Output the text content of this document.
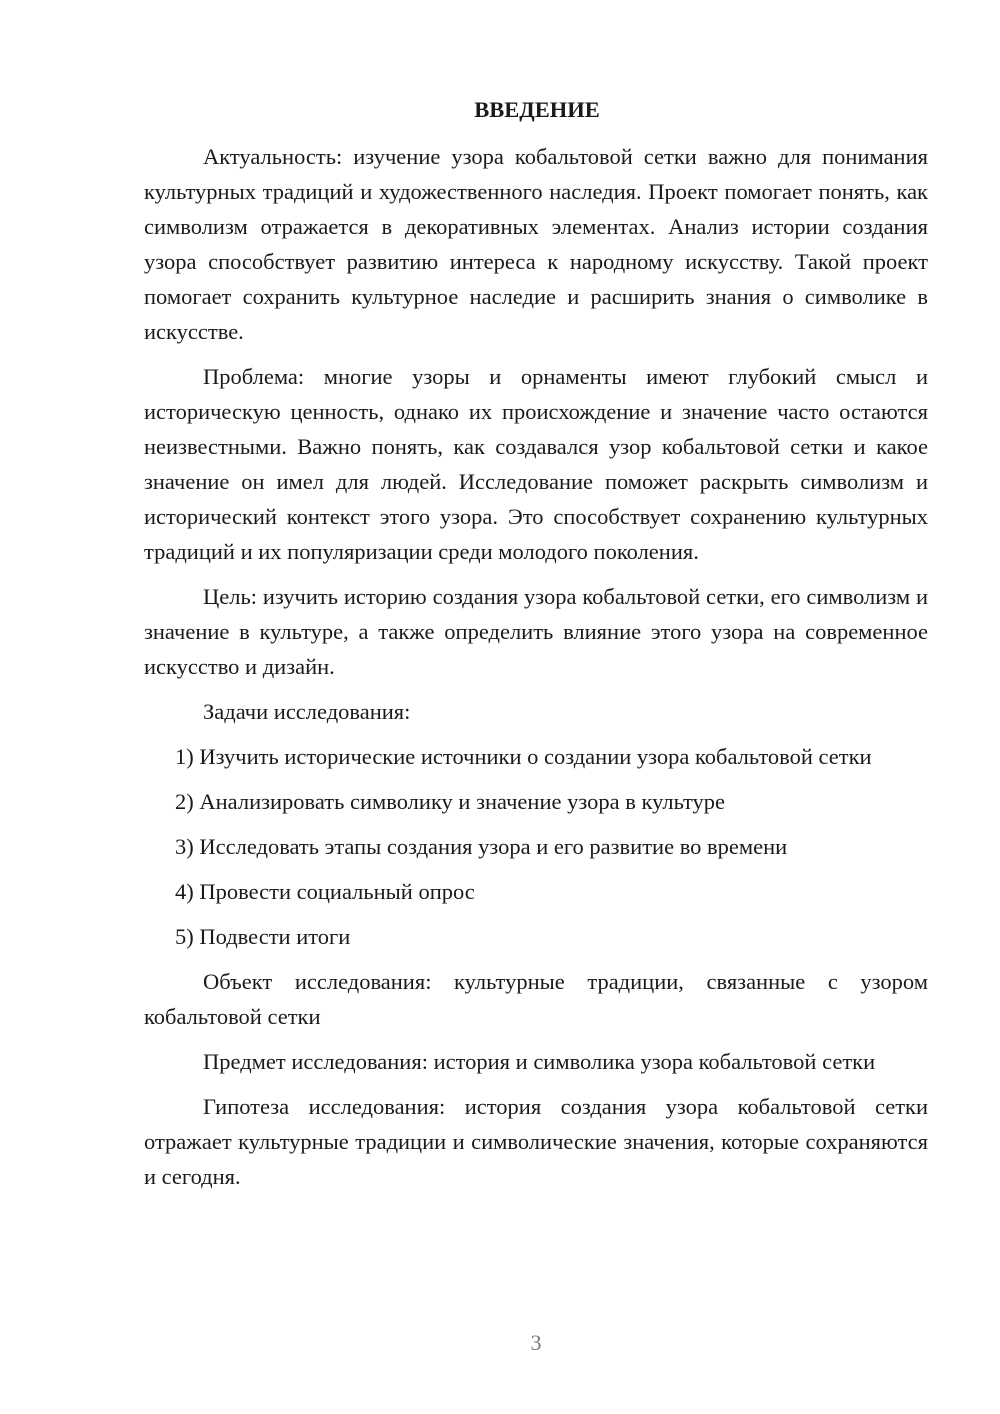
ВВЕДЕНИЕ

Актуальность: изучение узора кобальтовой сетки важно для понимания культурных традиций и художественного наследия. Проект помогает понять, как символизм отражается в декоративных элементах. Анализ истории создания узора способствует развитию интереса к народному искусству. Такой проект помогает сохранить культурное наследие и расширить знания о символике в искусстве.

Проблема: многие узоры и орнаменты имеют глубокий смысл и историческую ценность, однако их происхождение и значение часто остаются неизвестными. Важно понять, как создавался узор кобальтовой сетки и какое значение он имел для людей. Исследование поможет раскрыть символизм и исторический контекст этого узора. Это способствует сохранению культурных традиций и их популяризации среди молодого поколения.

Цель: изучить историю создания узора кобальтовой сетки, его символизм и значение в культуре, а также определить влияние этого узора на современное искусство и дизайн.

Задачи исследования:

1) Изучить исторические источники о создании узора кобальтовой сетки

2) Анализировать символику и значение узора в культуре

3) Исследовать этапы создания узора и его развитие во времени

4) Провести социальный опрос

5) Подвести итоги

Объект исследования: культурные традиции, связанные с узором кобальтовой сетки

Предмет исследования: история и символика узора кобальтовой сетки

Гипотеза исследования: история создания узора кобальтовой сетки отражает культурные традиции и символические значения, которые сохраняются и сегодня.

3
